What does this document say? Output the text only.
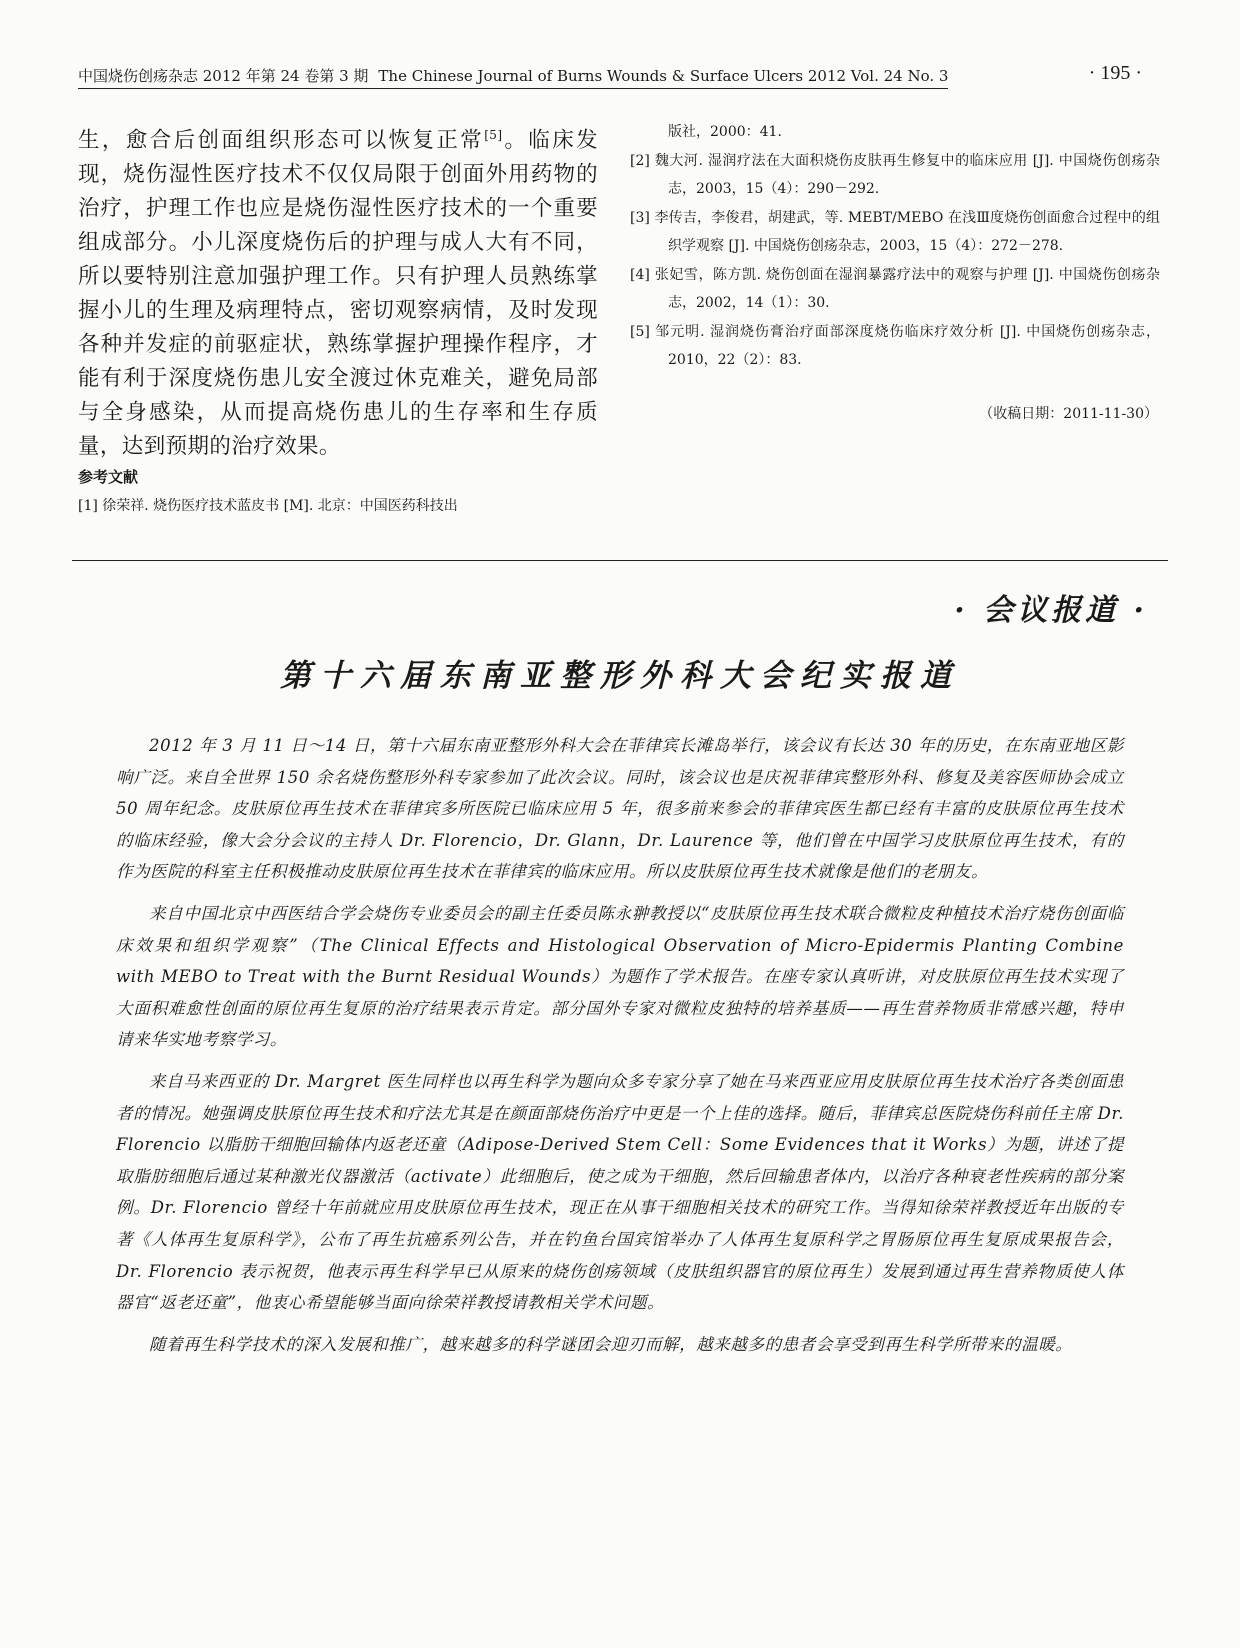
中国烧伤创疡杂志 2012 年第 24 卷第 3 期 The Chinese Journal of Burns Wounds & Surface Ulcers 2012 Vol. 24 No. 3	· 195 ·

生，愈合后创面组织形态可以恢复正常[5]。临床发现，烧伤湿性医疗技术不仅仅局限于创面外用药物的治疗，护理工作也应是烧伤湿性医疗技术的一个重要组成部分。小儿深度烧伤后的护理与成人大有不同，所以要特别注意加强护理工作。只有护理人员熟练掌握小儿的生理及病理特点，密切观察病情，及时发现各种并发症的前驱症状，熟练掌握护理操作程序，才能有利于深度烧伤患儿安全渡过休克难关，避免局部与全身感染，从而提高烧伤患儿的生存率和生存质量，达到预期的治疗效果。

参考文献

[1] 徐荣祥. 烧伤医疗技术蓝皮书 [M]. 北京：中国医药科技出

版社，2000：41.
[2] 魏大河. 湿润疗法在大面积烧伤皮肤再生修复中的临床应用 [J]. 中国烧伤创疡杂志，2003，15（4）：290－292.
[3] 李传吉，李俊君，胡建武，等. MEBT/MEBO 在浅Ⅲ度烧伤创面愈合过程中的组织学观察 [J]. 中国烧伤创疡杂志，2003，15（4）：272－278.
[4] 张妃雪，陈方凯. 烧伤创面在湿润暴露疗法中的观察与护理 [J]. 中国烧伤创疡杂志，2002，14（1）：30.
[5] 邹元明. 湿润烧伤膏治疗面部深度烧伤临床疗效分析 [J]. 中国烧伤创疡杂志，2010，22（2）：83.

（收稿日期：2011-11-30）

· 会议报道 ·
第十六届东南亚整形外科大会纪实报道

2012 年 3 月 11 日～14 日，第十六届东南亚整形外科大会在菲律宾长滩岛举行，该会议有长达 30 年的历史，在东南亚地区影响广泛。来自全世界 150 余名烧伤整形外科专家参加了此次会议。同时，该会议也是庆祝菲律宾整形外科、修复及美容医师协会成立 50 周年纪念。皮肤原位再生技术在菲律宾多所医院已临床应用 5 年，很多前来参会的菲律宾医生都已经有丰富的皮肤原位再生技术的临床经验，像大会分会议的主持人 Dr. Florencio，Dr. Glann，Dr. Laurence 等，他们曾在中国学习皮肤原位再生技术，有的作为医院的科室主任积极推动皮肤原位再生技术在菲律宾的临床应用。所以皮肤原位再生技术就像是他们的老朋友。

来自中国北京中西医结合学会烧伤专业委员会的副主任委员陈永翀教授以“皮肤原位再生技术联合微粒皮种植技术治疗烧伤创面临床效果和组织学观察”（The Clinical Effects and Histological Observation of Micro-Epidermis Planting Combine with MEBO to Treat with the Burnt Residual Wounds）为题作了学术报告。在座专家认真听讲，对皮肤原位再生技术实现了大面积难愈性创面的原位再生复原的治疗结果表示肯定。部分国外专家对微粒皮独特的培养基质——再生营养物质非常感兴趣，特申请来华实地考察学习。

来自马来西亚的 Dr. Margret 医生同样也以再生科学为题向众多专家分享了她在马来西亚应用皮肤原位再生技术治疗各类创面患者的情况。她强调皮肤原位再生技术和疗法尤其是在颜面部烧伤治疗中更是一个上佳的选择。随后，菲律宾总医院烧伤科前任主席 Dr. Florencio 以脂肪干细胞回输体内返老还童（Adipose-Derived Stem Cell：Some Evidences that it Works）为题，讲述了提取脂肪细胞后通过某种激光仪器激活（activate）此细胞后，使之成为干细胞，然后回输患者体内，以治疗各种衰老性疾病的部分案例。Dr. Florencio 曾经十年前就应用皮肤原位再生技术，现正在从事干细胞相关技术的研究工作。当得知徐荣祥教授近年出版的专著《人体再生复原科学》，公布了再生抗癌系列公告，并在钓鱼台国宾馆举办了人体再生复原科学之胃肠原位再生复原成果报告会，Dr. Florencio 表示祝贺，他表示再生科学早已从原来的烧伤创疡领域（皮肤组织器官的原位再生）发展到通过再生营养物质使人体器官“返老还童”，他衷心希望能够当面向徐荣祥教授请教相关学术问题。

随着再生科学技术的深入发展和推广，越来越多的科学谜团会迎刃而解，越来越多的患者会享受到再生科学所带来的温暖。
